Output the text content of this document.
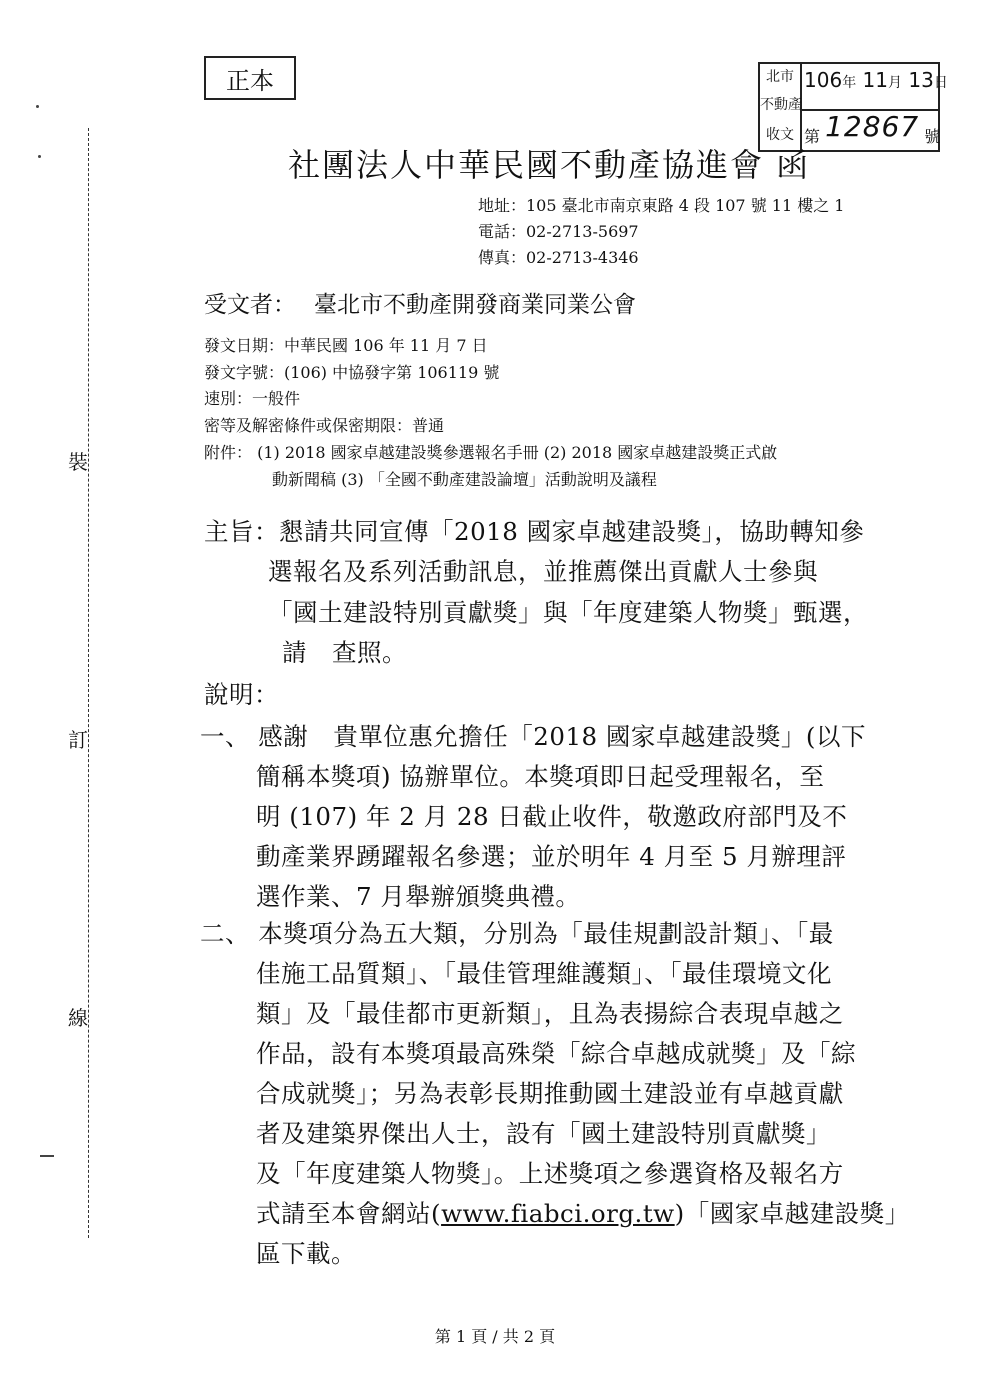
正本	北市
不動產
收文
106年 11月 13日
第 12867 號
裝
訂
線
社團法人中華民國不動產協進會 函
地址：105 臺北市南京東路 4 段 107 號 11 樓之 1
電話：02-2713-5697
傳真：02-2713-4346
受文者： 臺北市不動產開發商業同業公會
發文日期：中華民國 106 年 11 月 7 日
發文字號：(106) 中協發字第 106119 號
速別：一般件
密等及解密條件或保密期限：普通
附件： (1) 2018 國家卓越建設獎參選報名手冊 (2) 2018 國家卓越建設獎正式啟
動新聞稿 (3) 「全國不動產建設論壇」活動說明及議程
主旨：懇請共同宣傳「2018 國家卓越建設獎」，協助轉知參
選報名及系列活動訊息，並推薦傑出貢獻人士參與
「國土建設特別貢獻獎」與「年度建築人物獎」甄選，
請　查照。
說明：
一、 感謝　貴單位惠允擔任「2018 國家卓越建設獎」(以下
簡稱本獎項) 協辦單位。本獎項即日起受理報名，至
明 (107) 年 2 月 28 日截止收件，敬邀政府部門及不
動產業界踴躍報名參選；並於明年 4 月至 5 月辦理評
選作業、7 月舉辦頒獎典禮。
二、 本獎項分為五大類，分別為「最佳規劃設計類」、「最
佳施工品質類」、「最佳管理維護類」、「最佳環境文化
類」及「最佳都市更新類」，且為表揚綜合表現卓越之
作品，設有本獎項最高殊榮「綜合卓越成就獎」及「綜
合成就獎」；另為表彰長期推動國土建設並有卓越貢獻
者及建築界傑出人士，設有「國土建設特別貢獻獎」
及「年度建築人物獎」。上述獎項之參選資格及報名方
式請至本會網站(www.fiabci.org.tw)「國家卓越建設獎」
區下載。
第 1 頁 / 共 2 頁
